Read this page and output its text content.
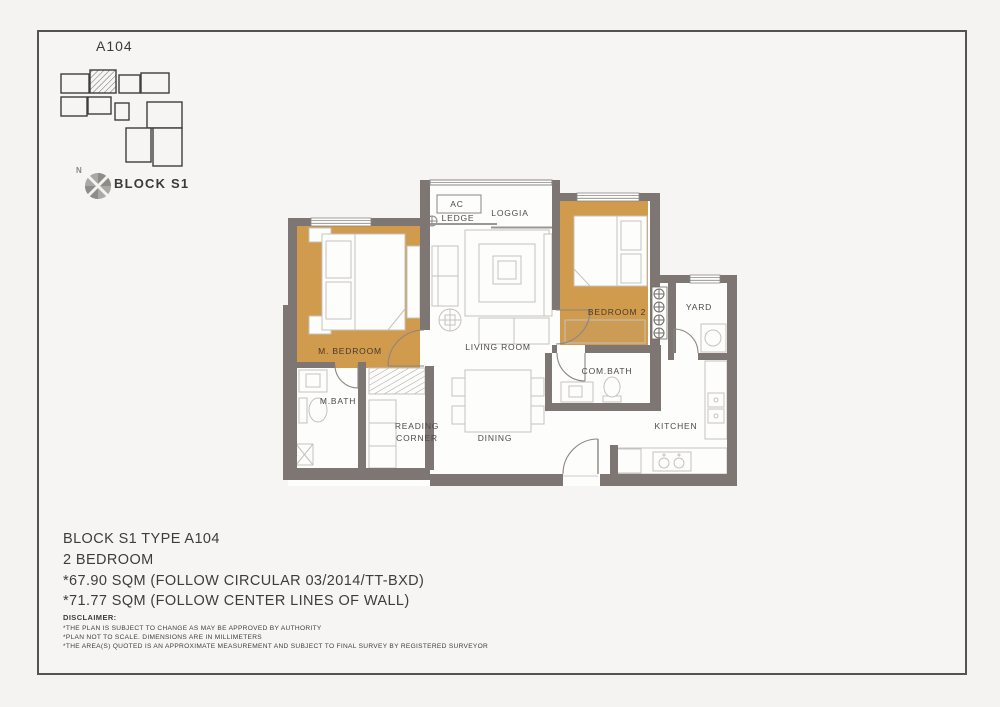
A104
N
BLOCK S1
AC
LEDGE LOGGIA
M. BEDROOM	LIVING ROOM
BEDROOM 2	YARD
M.BATH
COM.BATH
KITCHEN
READING
CORNER	DINING
BLOCK S1 TYPE A104
2 BEDROOM
*67.90 SQM (FOLLOW CIRCULAR 03/2014/TT-BXD)
*71.77 SQM (FOLLOW CENTER LINES OF WALL)
DISCLAIMER:
*THE PLAN IS SUBJECT TO CHANGE AS MAY BE APPROVED BY AUTHORITY
*PLAN NOT TO SCALE. DIMENSIONS ARE IN MILLIMETERS
*THE AREA(S) QUOTED IS AN APPROXIMATE MEASUREMENT AND SUBJECT TO FINAL SURVEY BY REGISTERED SURVEYOR
